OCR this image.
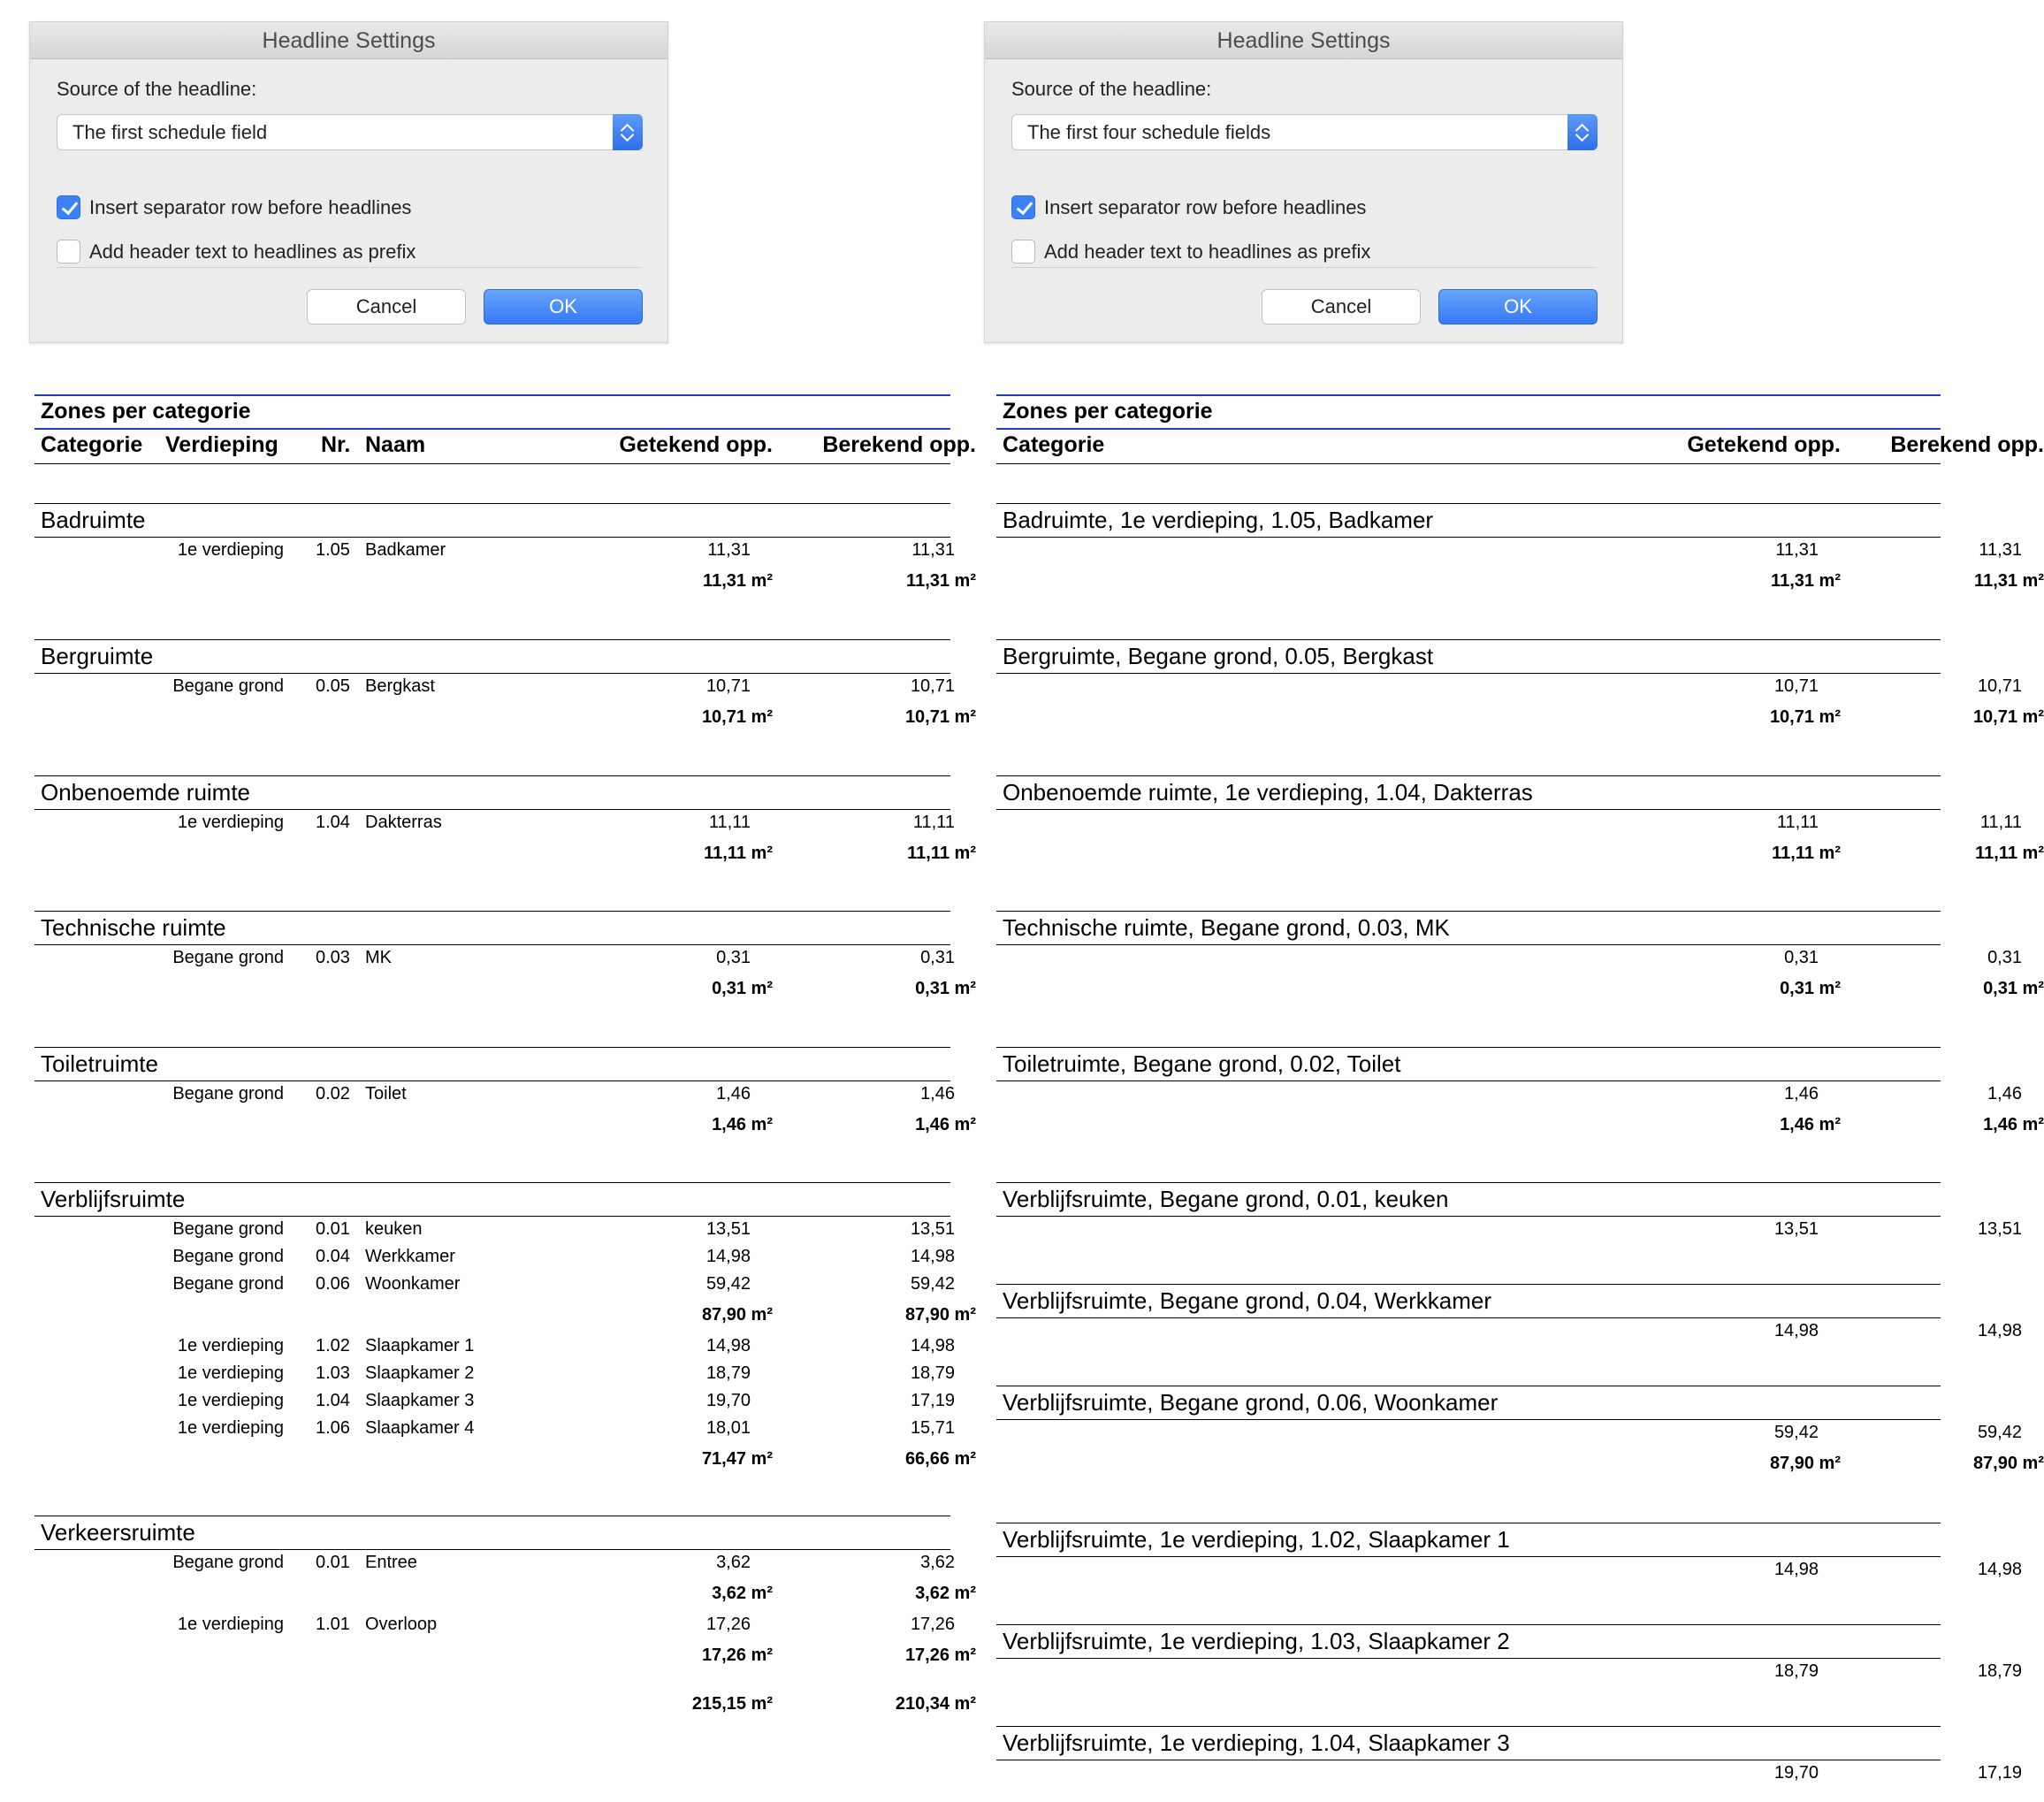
Headline Settings
Source of the headline:
The first schedule field
Insert separator row before headlines
Add header text to headlines as prefix
Cancel	OK
Headline Settings
Source of the headline:
The first four schedule fields
Insert separator row before headlines
Add header text to headlines as prefix
Cancel	OK
Zones per categorie
Categorie Verdieping Nr. Naam	Getekend opp.	Berekend opp.
Badruimte
1e verdieping 1.05 Badkamer	11,31	11,31
11,31 m²	11,31 m²
Bergruimte
Begane grond 0.05 Bergkast	10,71	10,71
10,71 m²	10,71 m²
Onbenoemde ruimte
1e verdieping 1.04 Dakterras	11,11	11,11
11,11 m²	11,11 m²
Technische ruimte
Begane grond 0.03 MK	0,31	0,31
0,31 m²	0,31 m²
Toiletruimte
Begane grond 0.02 Toilet	1,46	1,46
1,46 m²	1,46 m²
Verblijfsruimte
Begane grond 0.01 keuken	13,51	13,51
Begane grond 0.04 Werkkamer	14,98	14,98
Begane grond 0.06 Woonkamer	59,42	59,42
87,90 m²	87,90 m²
1e verdieping 1.02 Slaapkamer 1	14,98	14,98
1e verdieping 1.03 Slaapkamer 2	18,79	18,79
1e verdieping 1.04 Slaapkamer 3	19,70	17,19
1e verdieping 1.06 Slaapkamer 4	18,01	15,71
71,47 m²	66,66 m²
Verkeersruimte
Begane grond 0.01 Entree	3,62	3,62
3,62 m²	3,62 m²
1e verdieping 1.01 Overloop	17,26	17,26
17,26 m²	17,26 m²
215,15 m²	210,34 m²
Zones per categorie
Categorie	Getekend opp.	Berekend opp.
Badruimte, 1e verdieping, 1.05, Badkamer
11,31	11,31
11,31 m²	11,31 m²
Bergruimte, Begane grond, 0.05, Bergkast
10,71	10,71
10,71 m²	10,71 m²
Onbenoemde ruimte, 1e verdieping, 1.04, Dakterras
11,11	11,11
11,11 m²	11,11 m²
Technische ruimte, Begane grond, 0.03, MK
0,31	0,31
0,31 m²	0,31 m²
Toiletruimte, Begane grond, 0.02, Toilet
1,46	1,46
1,46 m²	1,46 m²
Verblijfsruimte, Begane grond, 0.01, keuken
13,51	13,51
Verblijfsruimte, Begane grond, 0.04, Werkkamer
14,98	14,98
Verblijfsruimte, Begane grond, 0.06, Woonkamer
59,42	59,42
87,90 m²	87,90 m²
Verblijfsruimte, 1e verdieping, 1.02, Slaapkamer 1
14,98	14,98
Verblijfsruimte, 1e verdieping, 1.03, Slaapkamer 2
18,79	18,79
Verblijfsruimte, 1e verdieping, 1.04, Slaapkamer 3
19,70	17,19
